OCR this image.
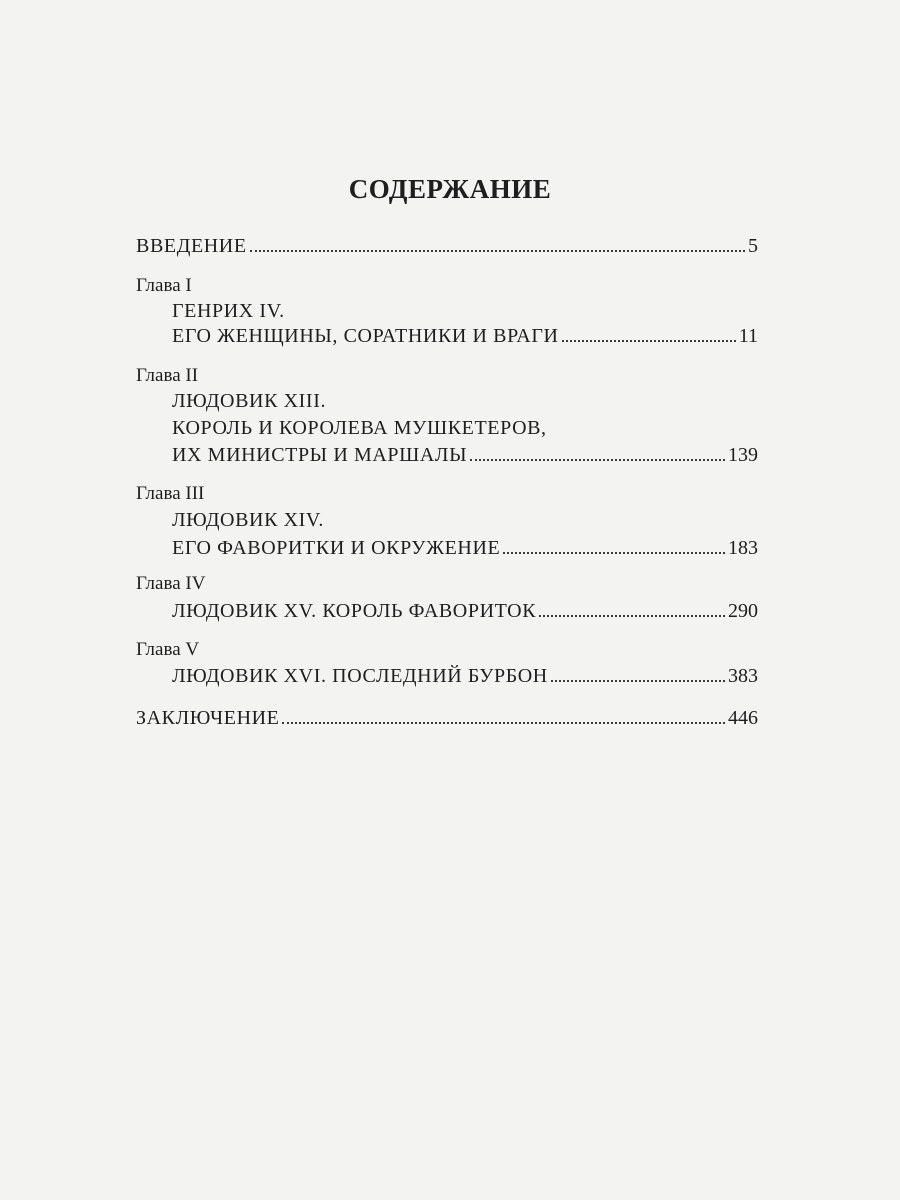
СОДЕРЖАНИЕ
ВВЕДЕНИЕ	5
Глава I
ГЕНРИХ IV.
ЕГО ЖЕНЩИНЫ, СОРАТНИКИ И ВРАГИ	11
Глава II
ЛЮДОВИК XIII.
КОРОЛЬ И КОРОЛЕВА МУШКЕТЕРОВ,
ИХ МИНИСТРЫ И МАРШАЛЫ	139
Глава III
ЛЮДОВИК XIV.
ЕГО ФАВОРИТКИ И ОКРУЖЕНИЕ	183
Глава IV
ЛЮДОВИК XV. КОРОЛЬ ФАВОРИТОК	290
Глава V
ЛЮДОВИК XVI. ПОСЛЕДНИЙ БУРБОН	383
ЗАКЛЮЧЕНИЕ	446
